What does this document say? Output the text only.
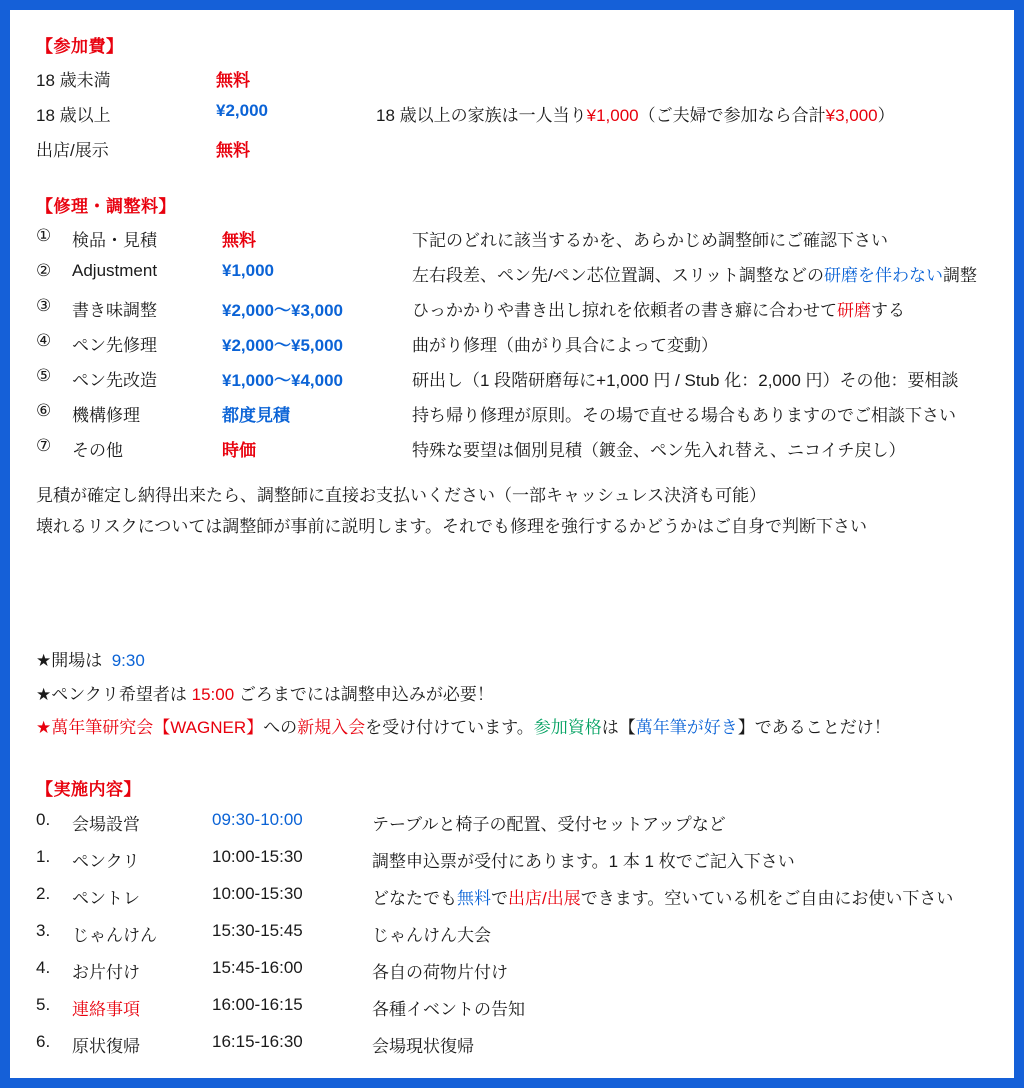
【参加費】
18 歳未満	無料	
18 歳以上	¥2,000	18 歳以上の家族は一人当り¥1,000（ご夫婦で参加なら合計¥3,000）
出店/展示	無料	
【修理・調整料】
①	検品・見積	無料	下記のどれに該当するかを、あらかじめ調整師にご確認下さい
②	Adjustment	¥1,000	左右段差、ペン先/ペン芯位置調、スリット調整などの研磨を伴わない調整
③	書き味調整	¥2,000〜¥3,000	ひっかかりや書き出し掠れを依頼者の書き癖に合わせて研磨する
④	ペン先修理	¥2,000〜¥5,000	曲がり修理（曲がり具合によって変動）
⑤	ペン先改造	¥1,000〜¥4,000	研出し（1 段階研磨毎に+1,000 円 / Stub 化：2,000 円）その他：要相談
⑥	機構修理	都度見積	持ち帰り修理が原則。その場で直せる場合もありますのでご相談下さい
⑦	その他	時価	特殊な要望は個別見積（鍍金、ペン先入れ替え、ニコイチ戻し）
見積が確定し納得出来たら、調整師に直接お支払いください（一部キャッシュレス決済も可能）
壊れるリスクについては調整師が事前に説明します。それでも修理を強行するかどうかはご自身で判断下さい
★開場は 9:30
★ペンクリ希望者は 15:00 ごろまでには調整申込みが必要！
★萬年筆研究会【WAGNER】への新規入会を受け付けています。参加資格は【萬年筆が好き】であることだけ！
【実施内容】
0.	会場設営	09:30-10:00	テーブルと椅子の配置、受付セットアップなど
1.	ペンクリ	10:00-15:30	調整申込票が受付にあります。1 本 1 枚でご記入下さい
2.	ペントレ	10:00-15:30	どなたでも無料で出店/出展できます。空いている机をご自由にお使い下さい
3.	じゃんけん	15:30-15:45	じゃんけん大会
4.	お片付け	15:45-16:00	各自の荷物片付け
5.	連絡事項	16:00-16:15	各種イベントの告知
6.	原状復帰	16:15-16:30	会場現状復帰
